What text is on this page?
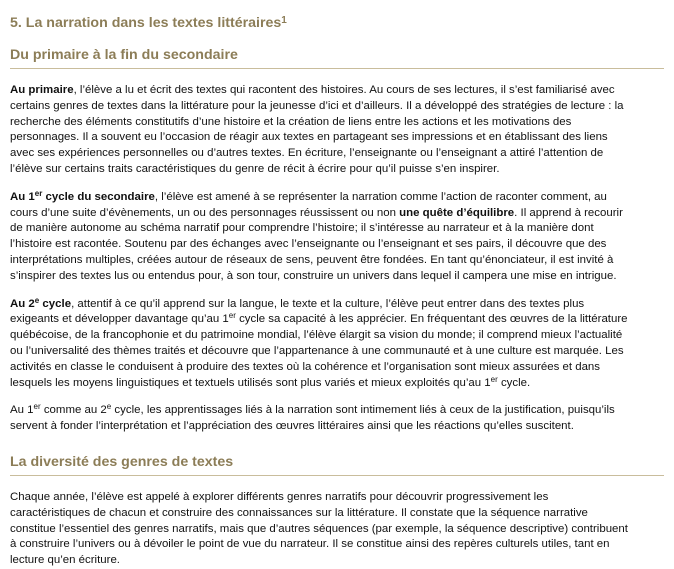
5. La narration dans les textes littéraires$^1$
Du primaire à la fin du secondaire

Au primaire, l’élève a lu et écrit des textes qui racontent des histoires. Au cours de ses lectures, il s’est familiarisé avec
certains genres de textes dans la littérature pour la jeunesse d’ici et d’ailleurs. Il a développé des stratégies de lecture : la
recherche des éléments constitutifs d’une histoire et la création de liens entre les actions et les motivations des
personnages. Il a souvent eu l’occasion de réagir aux textes en partageant ses impressions et en établissant des liens
avec ses expériences personnelles ou d’autres textes. En écriture, l’enseignante ou l’enseignant a attiré l’attention de
l’élève sur certains traits caractéristiques du genre de récit à écrire pour qu’il puisse s’en inspirer.

Au 1er cycle du secondaire, l’élève est amené à se représenter la narration comme l’action de raconter comment, au
cours d’une suite d’évènements, un ou des personnages réussissent ou non une quête d’équilibre. Il apprend à recourir
de manière autonome au schéma narratif pour comprendre l’histoire; il s’intéresse au narrateur et à la manière dont
l’histoire est racontée. Soutenu par des échanges avec l’enseignante ou l’enseignant et ses pairs, il découvre que des
interprétations multiples, créées autour de réseaux de sens, peuvent être fondées. En tant qu’énonciateur, il est invité à
s’inspirer des textes lus ou entendus pour, à son tour, construire un univers dans lequel il campera une mise en intrigue.

Au 2e cycle, attentif à ce qu’il apprend sur la langue, le texte et la culture, l’élève peut entrer dans des textes plus
exigeants et développer davantage qu’au 1er cycle sa capacité à les apprécier. En fréquentant des œuvres de la littérature
québécoise, de la francophonie et du patrimoine mondial, l’élève élargit sa vision du monde; il comprend mieux l’actualité
ou l’universalité des thèmes traités et découvre que l’appartenance à une communauté et à une culture est marquée. Les
activités en classe le conduisent à produire des textes où la cohérence et l’organisation sont mieux assurées et dans
lesquels les moyens linguistiques et textuels utilisés sont plus variés et mieux exploités qu’au 1er cycle.

Au 1er comme au 2e cycle, les apprentissages liés à la narration sont intimement liés à ceux de la justification, puisqu’ils
servent à fonder l’interprétation et l’appréciation des œuvres littéraires ainsi que les réactions qu’elles suscitent.

La diversité des genres de textes

Chaque année, l’élève est appelé à explorer différents genres narratifs pour découvrir progressivement les
caractéristiques de chacun et construire des connaissances sur la littérature. Il constate que la séquence narrative
constitue l’essentiel des genres narratifs, mais que d’autres séquences (par exemple, la séquence descriptive) contribuent
à construire l’univers ou à dévoiler le point de vue du narrateur. Il se constitue ainsi des repères culturels utiles, tant en
lecture qu’en écriture.
